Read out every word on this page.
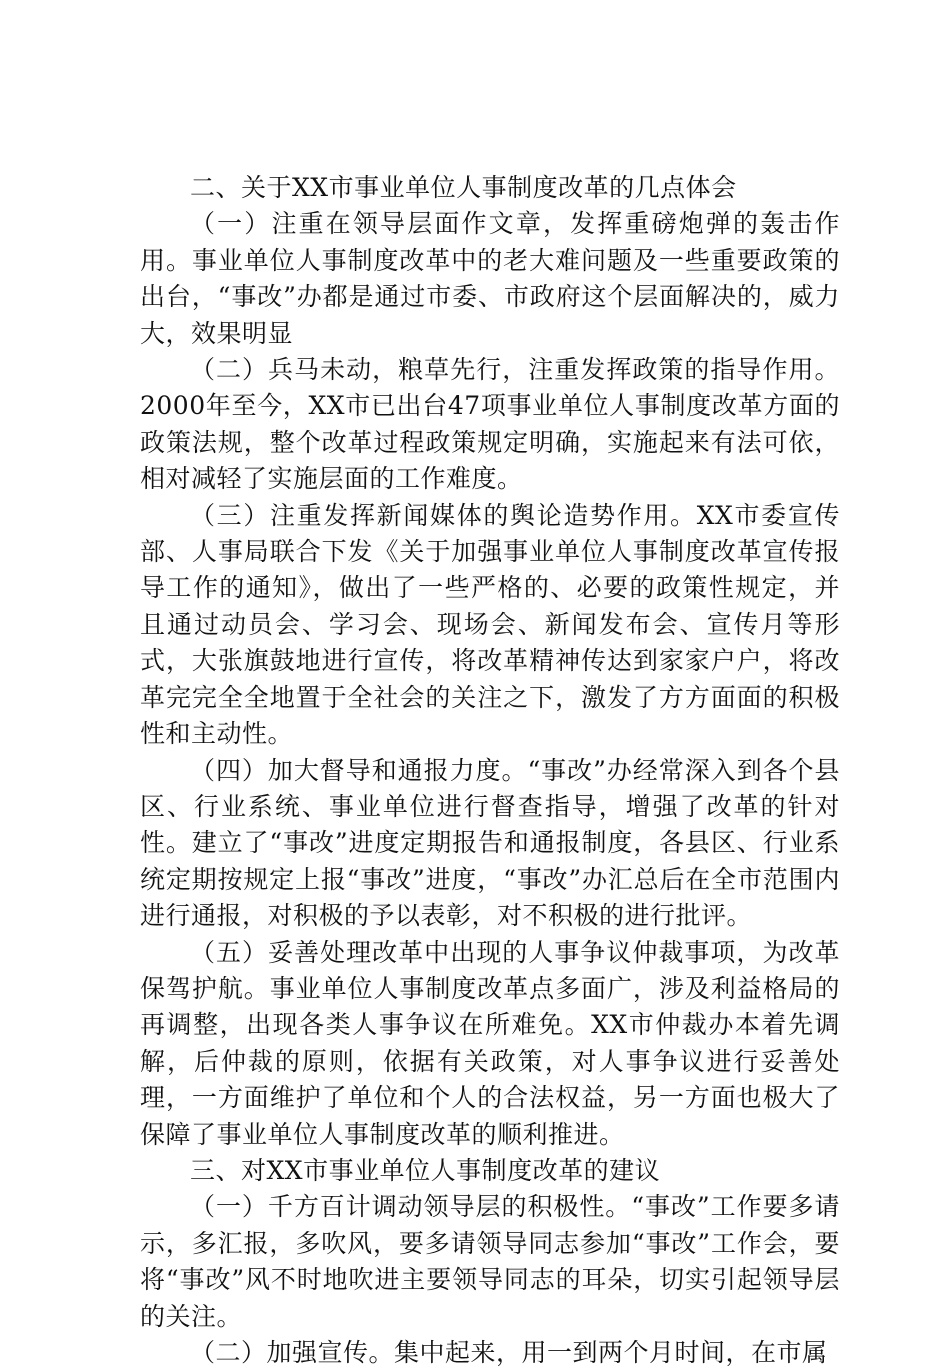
二、关于XX市事业单位人事制度改革的几点体会

（一）注重在领导层面作文章，发挥重磅炮弹的轰击作用。事业单位人事制度改革中的老大难问题及一些重要政策的出台，“事改”办都是通过市委、市政府这个层面解决的，威力大，效果明显

（二）兵马未动，粮草先行，注重发挥政策的指导作用。2000年至今，XX市已出台47项事业单位人事制度改革方面的政策法规，整个改革过程政策规定明确，实施起来有法可依，相对减轻了实施层面的工作难度。

（三）注重发挥新闻媒体的舆论造势作用。XX市委宣传部、人事局联合下发《关于加强事业单位人事制度改革宣传报导工作的通知》，做出了一些严格的、必要的政策性规定，并且通过动员会、学习会、现场会、新闻发布会、宣传月等形式，大张旗鼓地进行宣传，将改革精神传达到家家户户，将改革完完全全地置于全社会的关注之下，激发了方方面面的积极性和主动性。

（四）加大督导和通报力度。“事改”办经常深入到各个县区、行业系统、事业单位进行督查指导，增强了改革的针对性。建立了“事改”进度定期报告和通报制度，各县区、行业系统定期按规定上报“事改”进度，“事改”办汇总后在全市范围内进行通报，对积极的予以表彰，对不积极的进行批评。

（五）妥善处理改革中出现的人事争议仲裁事项，为改革保驾护航。事业单位人事制度改革点多面广，涉及利益格局的再调整，出现各类人事争议在所难免。XX市仲裁办本着先调解，后仲裁的原则，依据有关政策，对人事争议进行妥善处理，一方面维护了单位和个人的合法权益，另一方面也极大了保障了事业单位人事制度改革的顺利推进。

三、对XX市事业单位人事制度改革的建议

（一）千方百计调动领导层的积极性。“事改”工作要多请示，多汇报，多吹风，要多请领导同志参加“事改”工作会，要将“事改”风不时地吹进主要领导同志的耳朵，切实引起领导层的关注。

（二）加强宣传。集中起来，用一到两个月时间，在市属
